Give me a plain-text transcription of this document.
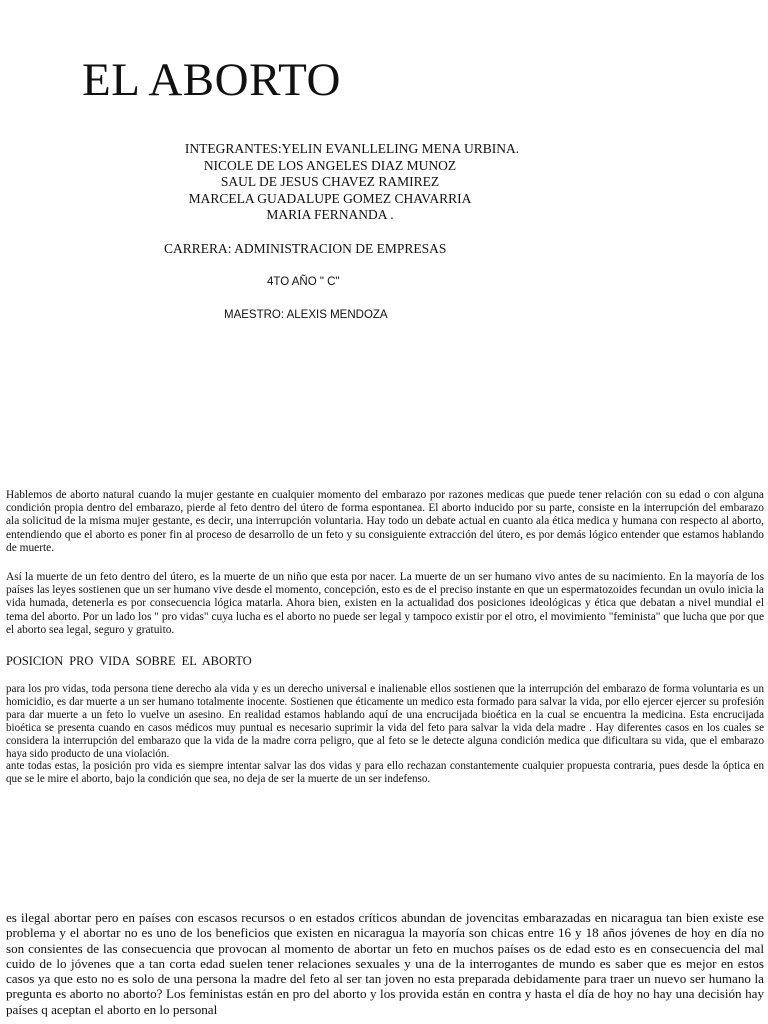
EL ABORTO
INTEGRANTES:YELIN EVANLLELING MENA URBINA.
NICOLE DE LOS ANGELES DIAZ MUNOZ
SAUL DE JESUS CHAVEZ RAMIREZ
MARCELA GUADALUPE GOMEZ CHAVARRIA
MARIA FERNANDA .
CARRERA: ADMINISTRACION DE EMPRESAS
4TO AÑO " C"
MAESTRO: ALEXIS MENDOZA

Hablemos de aborto natural cuando la mujer gestante en cualquier momento del embarazo por razones medicas que puede tener relación con su edad o con alguna condición propia dentro del embarazo, pierde al feto dentro del útero de forma espontanea. El aborto inducido por su parte, consiste en la interrupción del embarazo ala solicitud de la misma mujer gestante, es decir, una interrupción voluntaria. Hay todo un debate actual en cuanto ala ética medica y humana con respecto al aborto, entendiendo que el aborto es poner fin al proceso de desarrollo de un feto y su consiguiente extracción del útero, es por demás lógico entender que estamos hablando de muerte.

Así la muerte de un feto dentro del útero, es la muerte de un niño que esta por nacer. La muerte de un ser humano vivo antes de su nacimiento. En la mayoría de los países las leyes sostienen que un ser humano vive desde el momento, concepción, esto es de el preciso instante en que un espermatozoides fecundan un ovulo inicia la vida humada, detenerla es por consecuencia lógica matarla. Ahora bien, existen en la actualidad dos posiciones ideológicas y ética que debatan a nivel mundial el tema del aborto. Por un lado los " pro vidas" cuya lucha es el aborto no puede ser legal y tampoco existir por el otro, el movimiento "feminista" que lucha que por que el aborto sea legal, seguro y gratuito.

POSICION PRO VIDA SOBRE EL ABORTO

para los pro vidas, toda persona tiene derecho ala vida y es un derecho universal e inalienable ellos sostienen que la interrupción del embarazo de forma voluntaria es un homicidio, es dar muerte a un ser humano totalmente inocente. Sostienen que éticamente un medico esta formado para salvar la vida, por ello ejercer ejercer su profesión para dar muerte a un feto lo vuelve un asesino. En realidad estamos hablando aquí de una encrucijada bioética en la cual se encuentra la medicina. Esta encrucijada bioética se presenta cuando en casos médicos muy puntual es necesario suprimir la vida del feto para salvar la vida dela madre . Hay diferentes casos en los cuales se considera la interrupción del embarazo que la vida de la madre corra peligro, que al feto se le detecte alguna condición medica que dificultara su vida, que el embarazo haya sido producto de una violación.

ante todas estas, la posición pro vida es siempre intentar salvar las dos vidas y para ello rechazan constantemente cualquier propuesta contraria, pues desde la óptica en que se le mire el aborto, bajo la condición que sea, no deja de ser la muerte de un ser indefenso.

es ilegal abortar pero en países con escasos recursos o en estados críticos abundan de jovencitas embarazadas en nicaragua tan bien existe ese problema y el abortar no es uno de los beneficios que existen en nicaragua la mayoría son chicas entre 16 y 18 años jóvenes de hoy en día no son consientes de las consecuencia que provocan al momento de abortar un feto en muchos países os de edad esto es en consecuencia del mal cuido de lo jóvenes que a tan corta edad suelen tener relaciones sexuales y una de la interrogantes de mundo es saber que es mejor en estos casos ya que esto no es solo de una persona la madre del feto al ser tan joven no esta preparada debidamente para traer un nuevo ser humano la pregunta es aborto no aborto? Los feministas están en pro del aborto y los provida están en contra y hasta el día de hoy no hay una decisión hay países q aceptan el aborto en lo personal
